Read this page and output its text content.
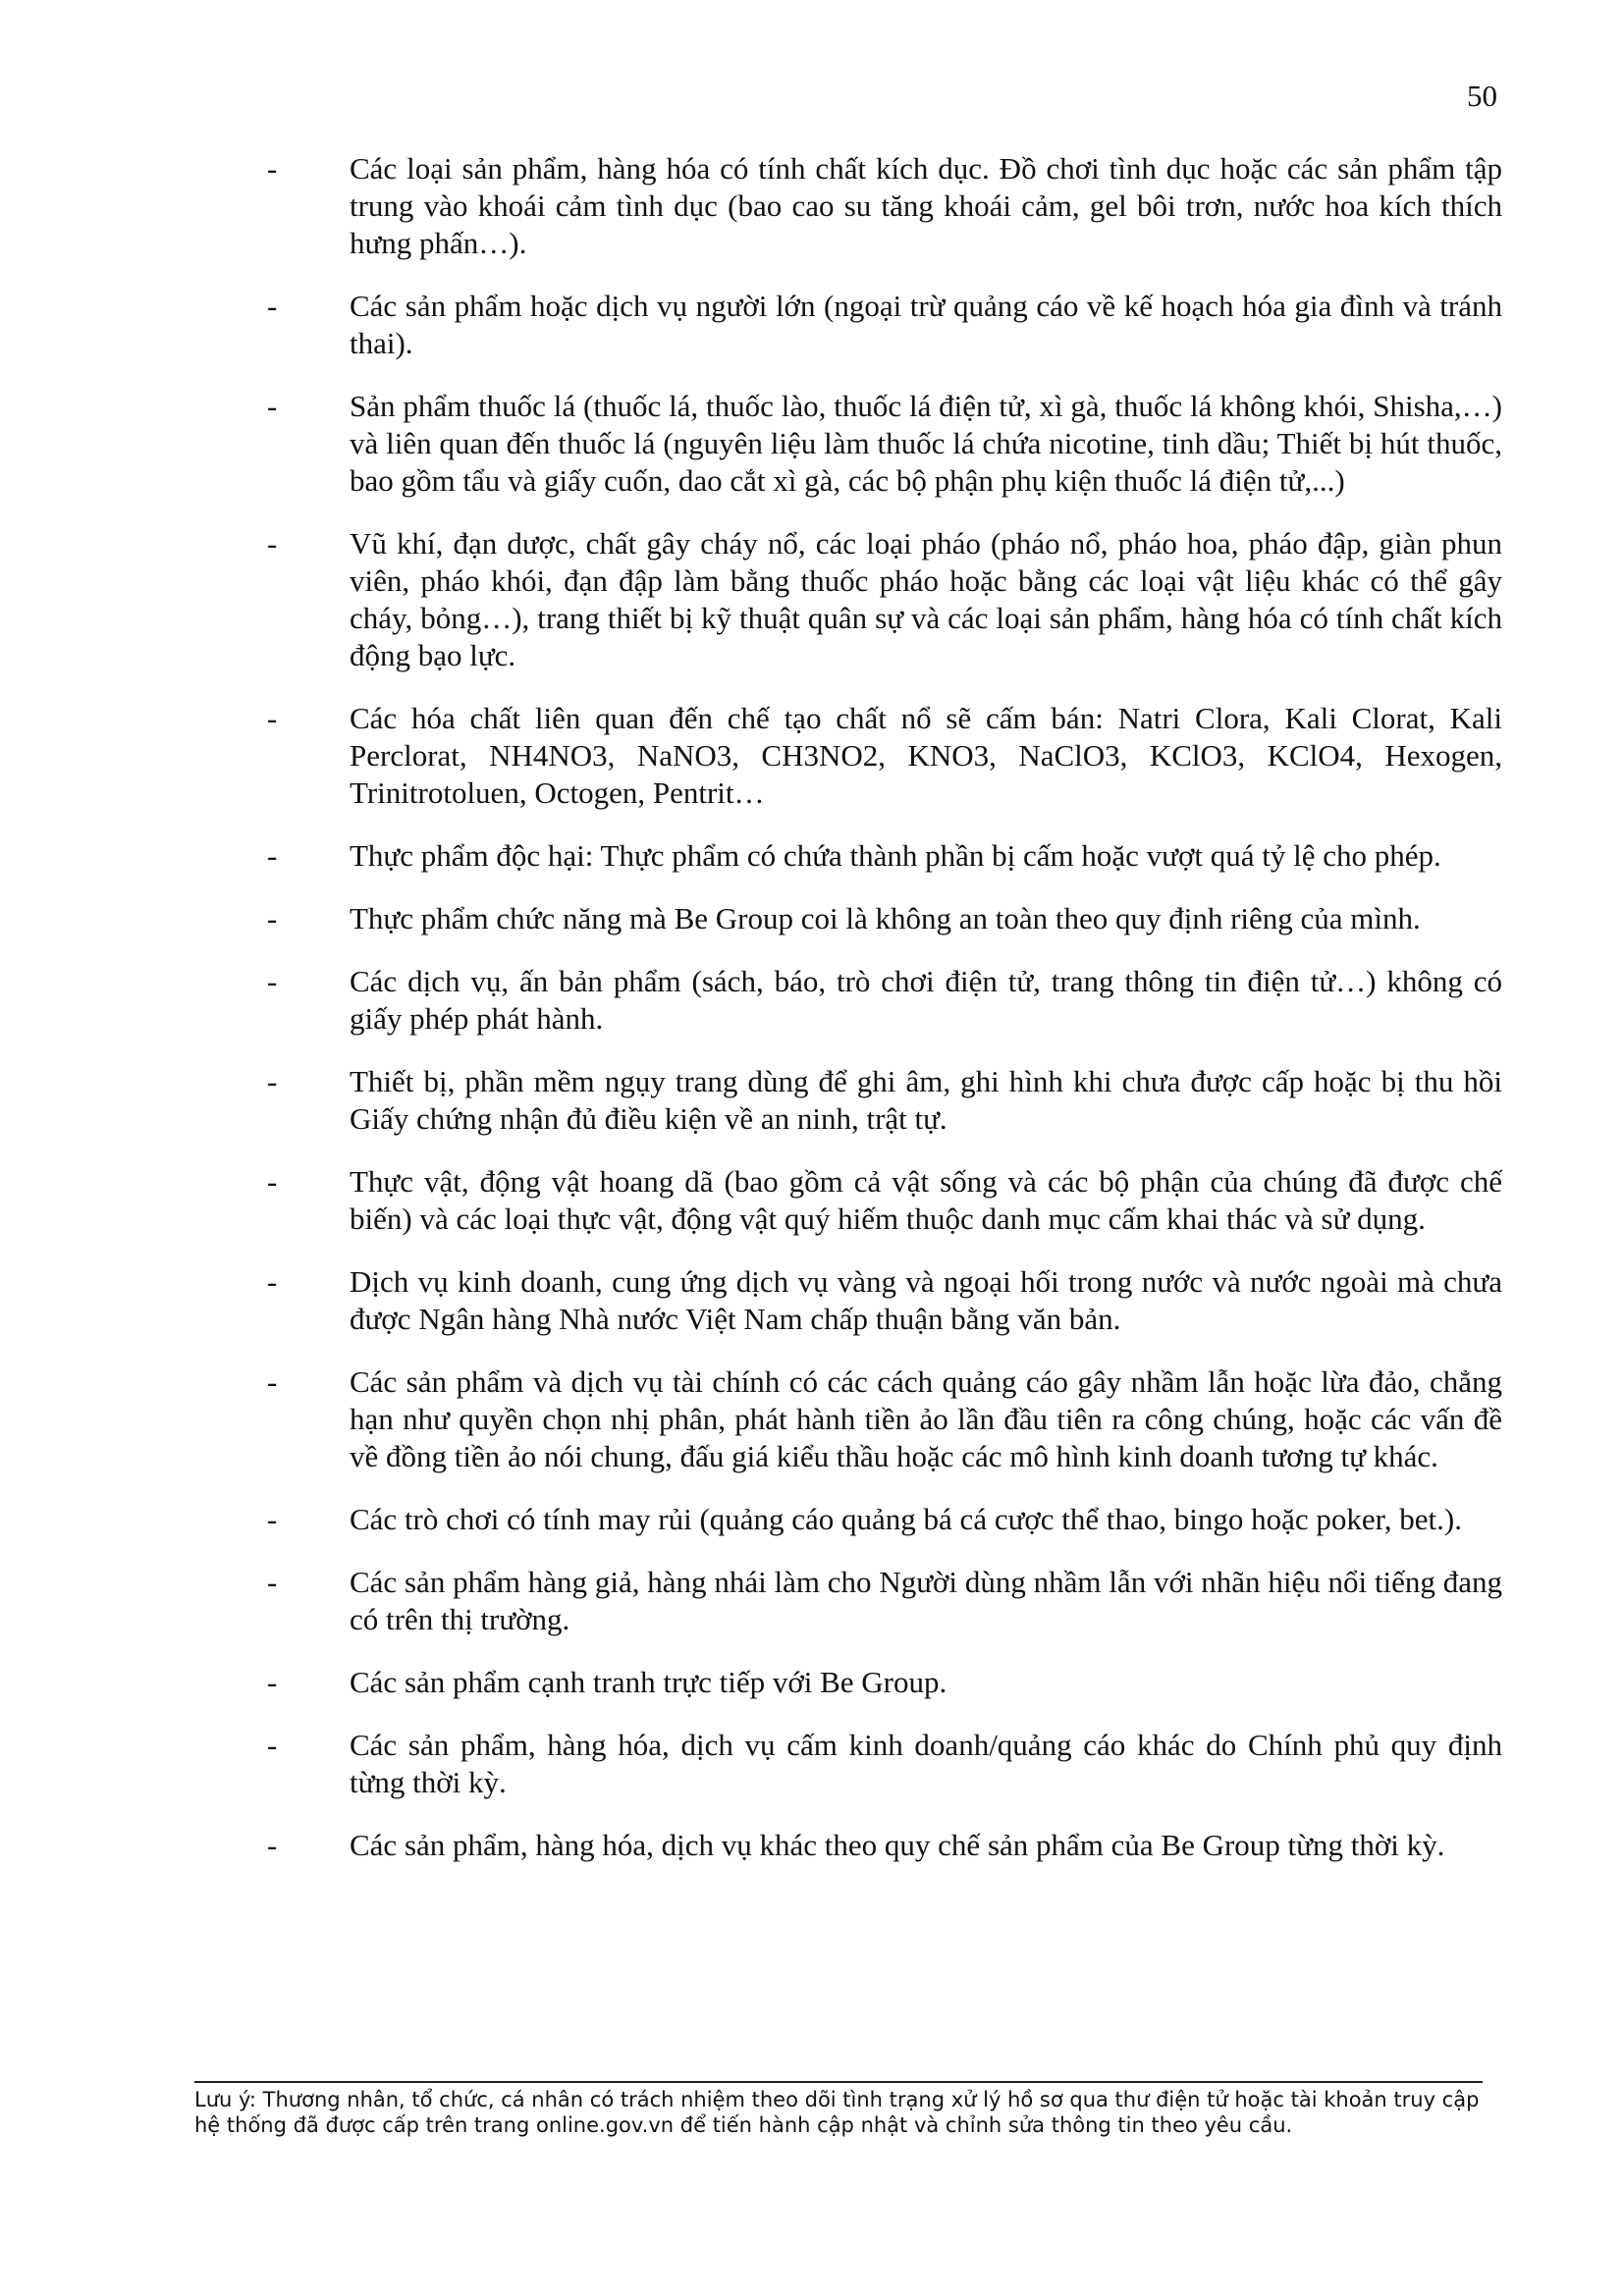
50
-	Các loại sản phẩm, hàng hóa có tính chất kích dục. Đồ chơi tình dục hoặc các sản phẩm tập trung vào khoái cảm tình dục (bao cao su tăng khoái cảm, gel bôi trơn, nước hoa kích thích hưng phấn…).
-	Các sản phẩm hoặc dịch vụ người lớn (ngoại trừ quảng cáo về kế hoạch hóa gia đình và tránh thai).
-	Sản phẩm thuốc lá (thuốc lá, thuốc lào, thuốc lá điện tử, xì gà, thuốc lá không khói, Shisha,…) và liên quan đến thuốc lá (nguyên liệu làm thuốc lá chứa nicotine, tinh dầu; Thiết bị hút thuốc, bao gồm tẩu và giấy cuốn, dao cắt xì gà, các bộ phận phụ kiện thuốc lá điện tử,...)
-	Vũ khí, đạn dược, chất gây cháy nổ, các loại pháo (pháo nổ, pháo hoa, pháo đập, giàn phun viên, pháo khói, đạn đập làm bằng thuốc pháo hoặc bằng các loại vật liệu khác có thể gây cháy, bỏng…), trang thiết bị kỹ thuật quân sự và các loại sản phẩm, hàng hóa có tính chất kích động bạo lực.
-	Các hóa chất liên quan đến chế tạo chất nổ sẽ cấm bán: Natri Clora, Kali Clorat, Kali Perclorat, NH4NO3, NaNO3, CH3NO2, KNO3, NaClO3, KClO3, KClO4, Hexogen, Trinitrotoluen, Octogen, Pentrit…
-	Thực phẩm độc hại: Thực phẩm có chứa thành phần bị cấm hoặc vượt quá tỷ lệ cho phép.
-	Thực phẩm chức năng mà Be Group coi là không an toàn theo quy định riêng của mình.
-	Các dịch vụ, ấn bản phẩm (sách, báo, trò chơi điện tử, trang thông tin điện tử…) không có giấy phép phát hành.
-	Thiết bị, phần mềm ngụy trang dùng để ghi âm, ghi hình khi chưa được cấp hoặc bị thu hồi Giấy chứng nhận đủ điều kiện về an ninh, trật tự.
-	Thực vật, động vật hoang dã (bao gồm cả vật sống và các bộ phận của chúng đã được chế biến) và các loại thực vật, động vật quý hiếm thuộc danh mục cấm khai thác và sử dụng.
-	Dịch vụ kinh doanh, cung ứng dịch vụ vàng và ngoại hối trong nước và nước ngoài mà chưa được Ngân hàng Nhà nước Việt Nam chấp thuận bằng văn bản.
-	Các sản phẩm và dịch vụ tài chính có các cách quảng cáo gây nhầm lẫn hoặc lừa đảo, chẳng hạn như quyền chọn nhị phân, phát hành tiền ảo lần đầu tiên ra công chúng, hoặc các vấn đề về đồng tiền ảo nói chung, đấu giá kiểu thầu hoặc các mô hình kinh doanh tương tự khác.
-	Các trò chơi có tính may rủi (quảng cáo quảng bá cá cược thể thao, bingo hoặc poker, bet.).
-	Các sản phẩm hàng giả, hàng nhái làm cho Người dùng nhầm lẫn với nhãn hiệu nổi tiếng đang có trên thị trường.
-	Các sản phẩm cạnh tranh trực tiếp với Be Group.
-	Các sản phẩm, hàng hóa, dịch vụ cấm kinh doanh/quảng cáo khác do Chính phủ quy định từng thời kỳ.
-	Các sản phẩm, hàng hóa, dịch vụ khác theo quy chế sản phẩm của Be Group từng thời kỳ.
Lưu ý: Thương nhân, tổ chức, cá nhân có trách nhiệm theo dõi tình trạng xử lý hồ sơ qua thư điện tử hoặc tài khoản truy cập hệ thống đã được cấp trên trang online.gov.vn để tiến hành cập nhật và chỉnh sửa thông tin theo yêu cầu.
